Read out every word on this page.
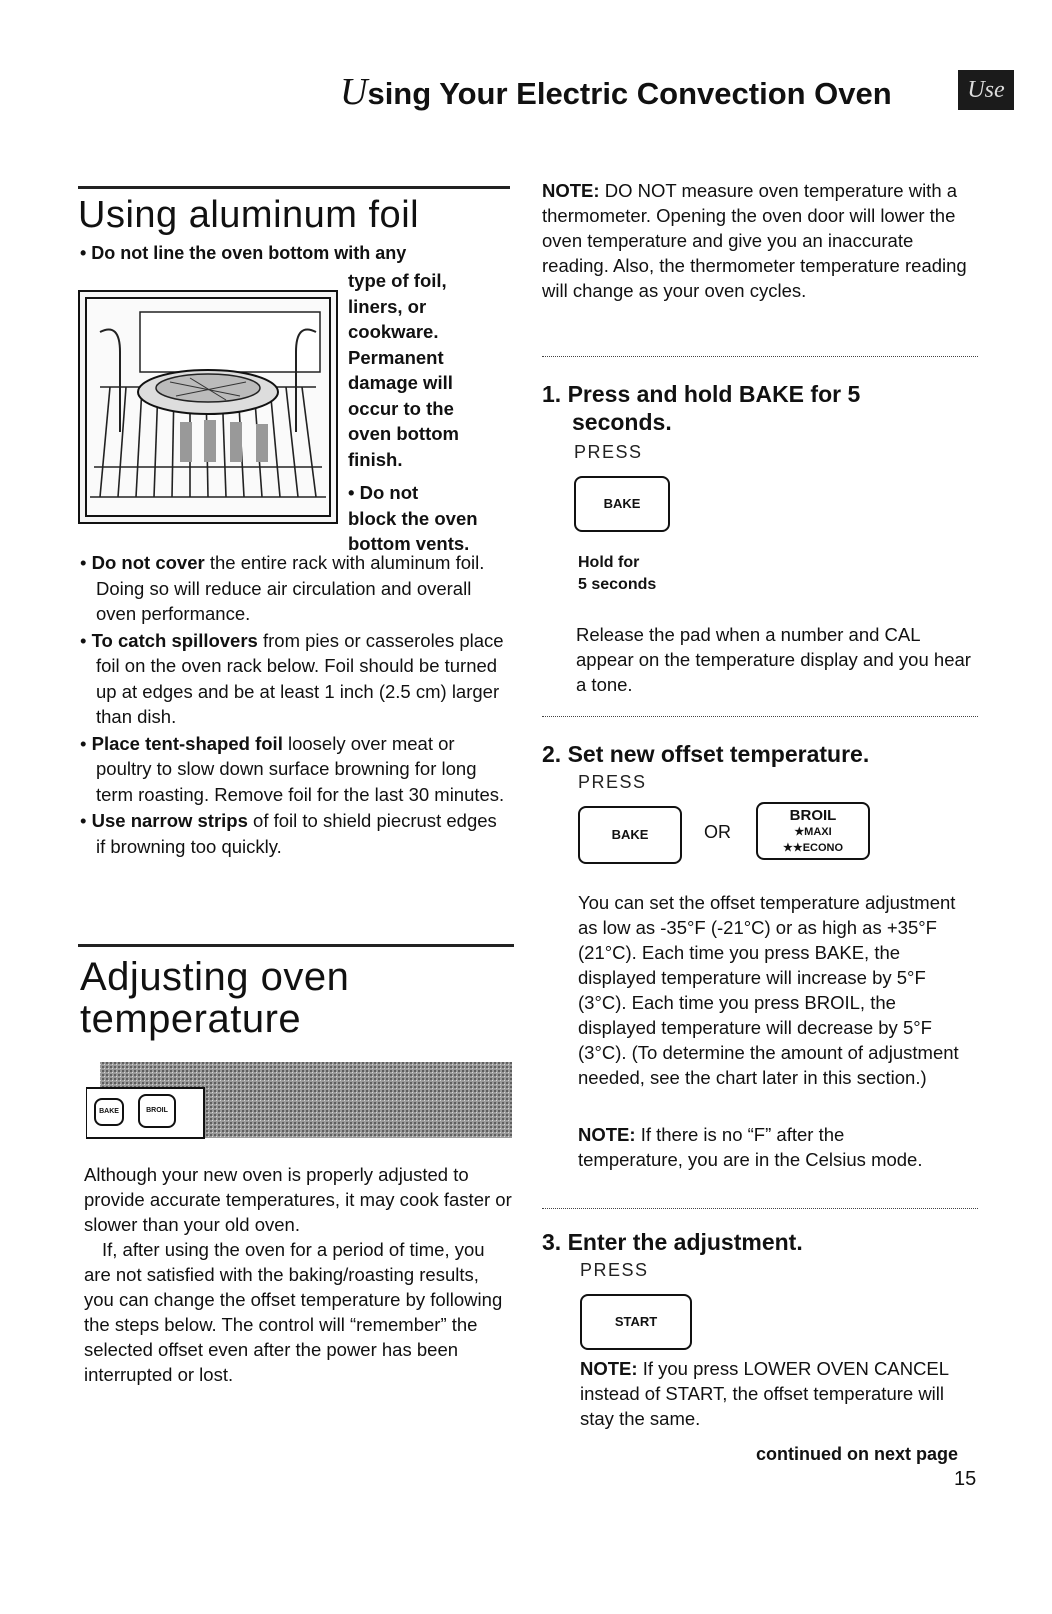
Using Your Electric Convection Oven	Use
Using aluminum foil
• Do not line the oven bottom with any
type of foil,
liners, or
cookware.
Permanent
damage will
occur to the
oven bottom
finish.
• Do not
block the oven
bottom vents.
• Do not cover the entire rack with aluminum foil. Doing so will reduce air circulation and overall oven performance.
• To catch spillovers from pies or casseroles place foil on the oven rack below. Foil should be turned up at edges and be at least 1 inch (2.5 cm) larger than dish.
• Place tent-shaped foil loosely over meat or poultry to slow down surface browning for long term roasting. Remove foil for the last 30 minutes.
• Use narrow strips of foil to shield piecrust edges if browning too quickly.
Adjusting oven
temperature
BAKE	BROIL

Although your new oven is properly adjusted to provide accurate temperatures, it may cook faster or slower than your old oven.

If, after using the oven for a period of time, you are not satisfied with the baking/roasting results, you can change the offset temperature by following the steps below. The control will “remember” the selected offset even after the power has been interrupted or lost.

NOTE: DO NOT measure oven temperature with a thermometer. Opening the oven door will lower the oven temperature and give you an inaccurate reading. Also, the thermometer temperature reading will change as your oven cycles.

1. Press and hold BAKE for 5
seconds.
PRESS
BAKE
Hold for
5 seconds

Release the pad when a number and CAL appear on the temperature display and you hear a tone.

2. Set new offset temperature.
PRESS
BAKE	OR
BROIL
★MAXI
★★ECONO

You can set the offset temperature adjustment as low as -35°F (-21°C) or as high as +35°F (21°C). Each time you press BAKE, the displayed temperature will increase by 5°F (3°C). Each time you press BROIL, the displayed temperature will decrease by 5°F (3°C). (To determine the amount of adjustment needed, see the chart later in this section.)

NOTE: If there is no “F” after the temperature, you are in the Celsius mode.

3. Enter the adjustment.
PRESS
START

NOTE: If you press LOWER OVEN CANCEL instead of START, the offset temperature will stay the same.

continued on next page
15
